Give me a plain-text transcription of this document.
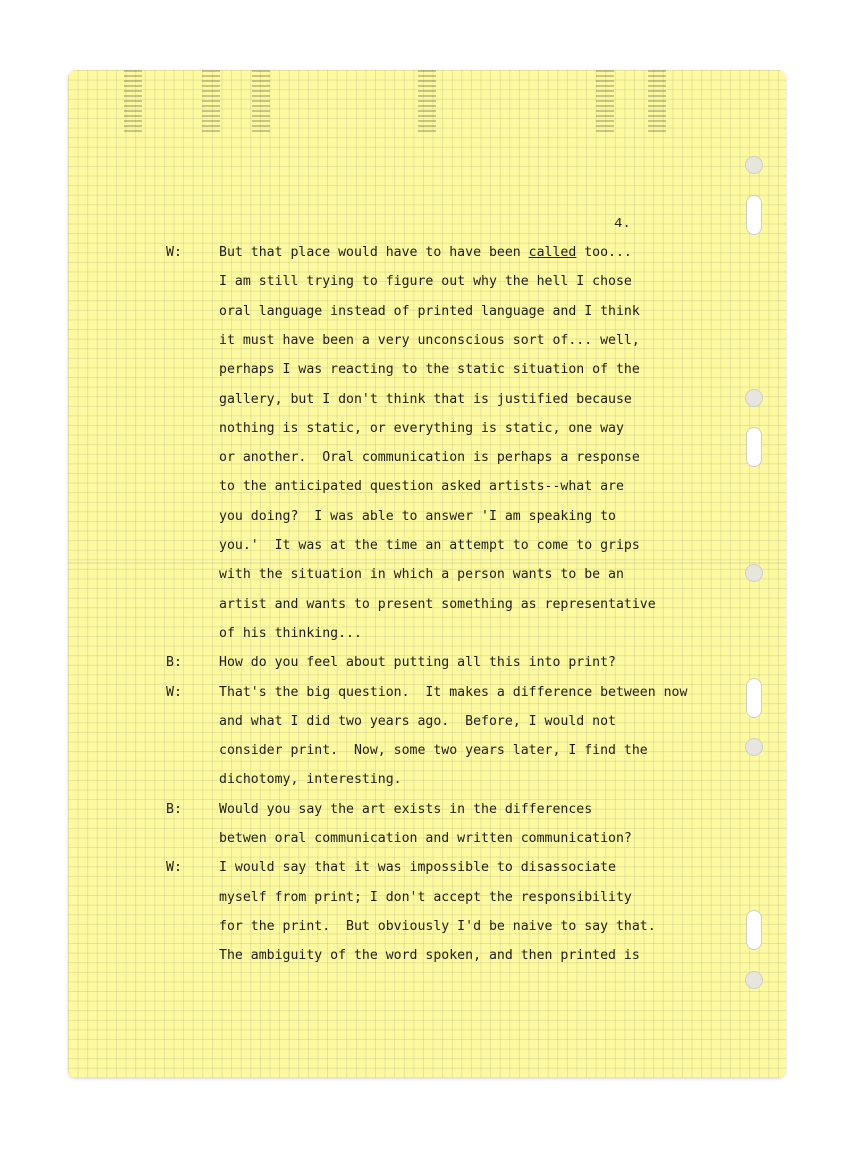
4.
W:	But that place would have to have been called too...
I am still trying to figure out why the hell I chose
oral language instead of printed language and I think
it must have been a very unconscious sort of... well,
perhaps I was reacting to the static situation of the
gallery, but I don't think that is justified because
nothing is static, or everything is static, one way
or another.  Oral communication is perhaps a response
to the anticipated question asked artists--what are
you doing?  I was able to answer 'I am speaking to
you.'  It was at the time an attempt to come to grips
with the situation in which a person wants to be an
artist and wants to present something as representative
of his thinking...
B:	How do you feel about putting all this into print?
W:	That's the big question.  It makes a difference between now
and what I did two years ago.  Before, I would not
consider print.  Now, some two years later, I find the
dichotomy, interesting.
B:	Would you say the art exists in the differences
betwen oral communication and written communication?
W:	I would say that it was impossible to disassociate
myself from print; I don't accept the responsibility
for the print.  But obviously I'd be naive to say that.
The ambiguity of the word spoken, and then printed is
